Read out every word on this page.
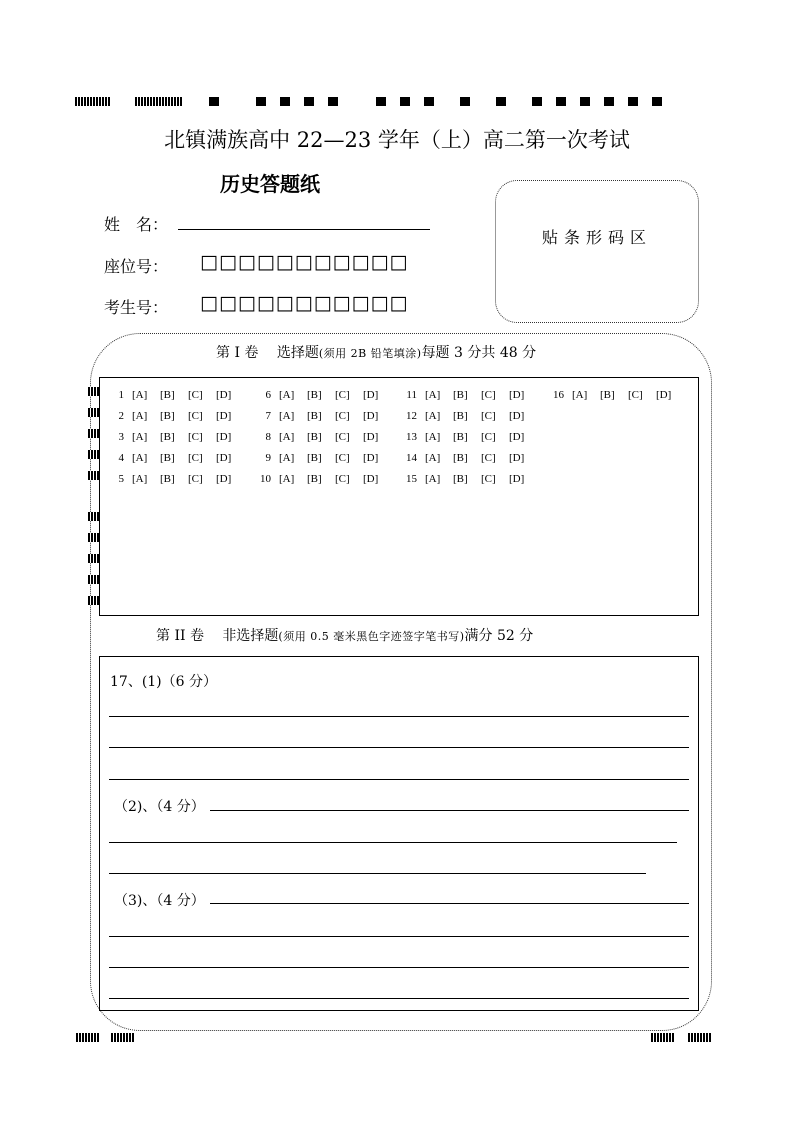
北镇满族高中 22—23 学年（上）高二第一次考试
历史答题纸
姓　名：
座位号： □□□□□□□□□□□
考生号： □□□□□□□□□□□
贴条形码区
第 I 卷　 选择题(须用 2B 铅笔填涂)每题 3 分共 48 分
1 [A] [B] [C] [D]
2 [A] [B] [C] [D]
3 [A] [B] [C] [D]
4 [A] [B] [C] [D]
5 [A] [B] [C] [D]
6 [A] [B] [C] [D]
7 [A] [B] [C] [D]
8 [A] [B] [C] [D]
9 [A] [B] [C] [D]
10 [A] [B] [C] [D]
11 [A] [B] [C] [D]
12 [A] [B] [C] [D]
13 [A] [B] [C] [D]
14 [A] [B] [C] [D]
15 [A] [B] [C] [D]
16 [A] [B] [C] [D]
第 II 卷　 非选择题(须用 0.5 毫米黑色字迹签字笔书写)满分 52 分
17、(1)（6 分）
（2)、（4 分）
（3)、（4 分）
